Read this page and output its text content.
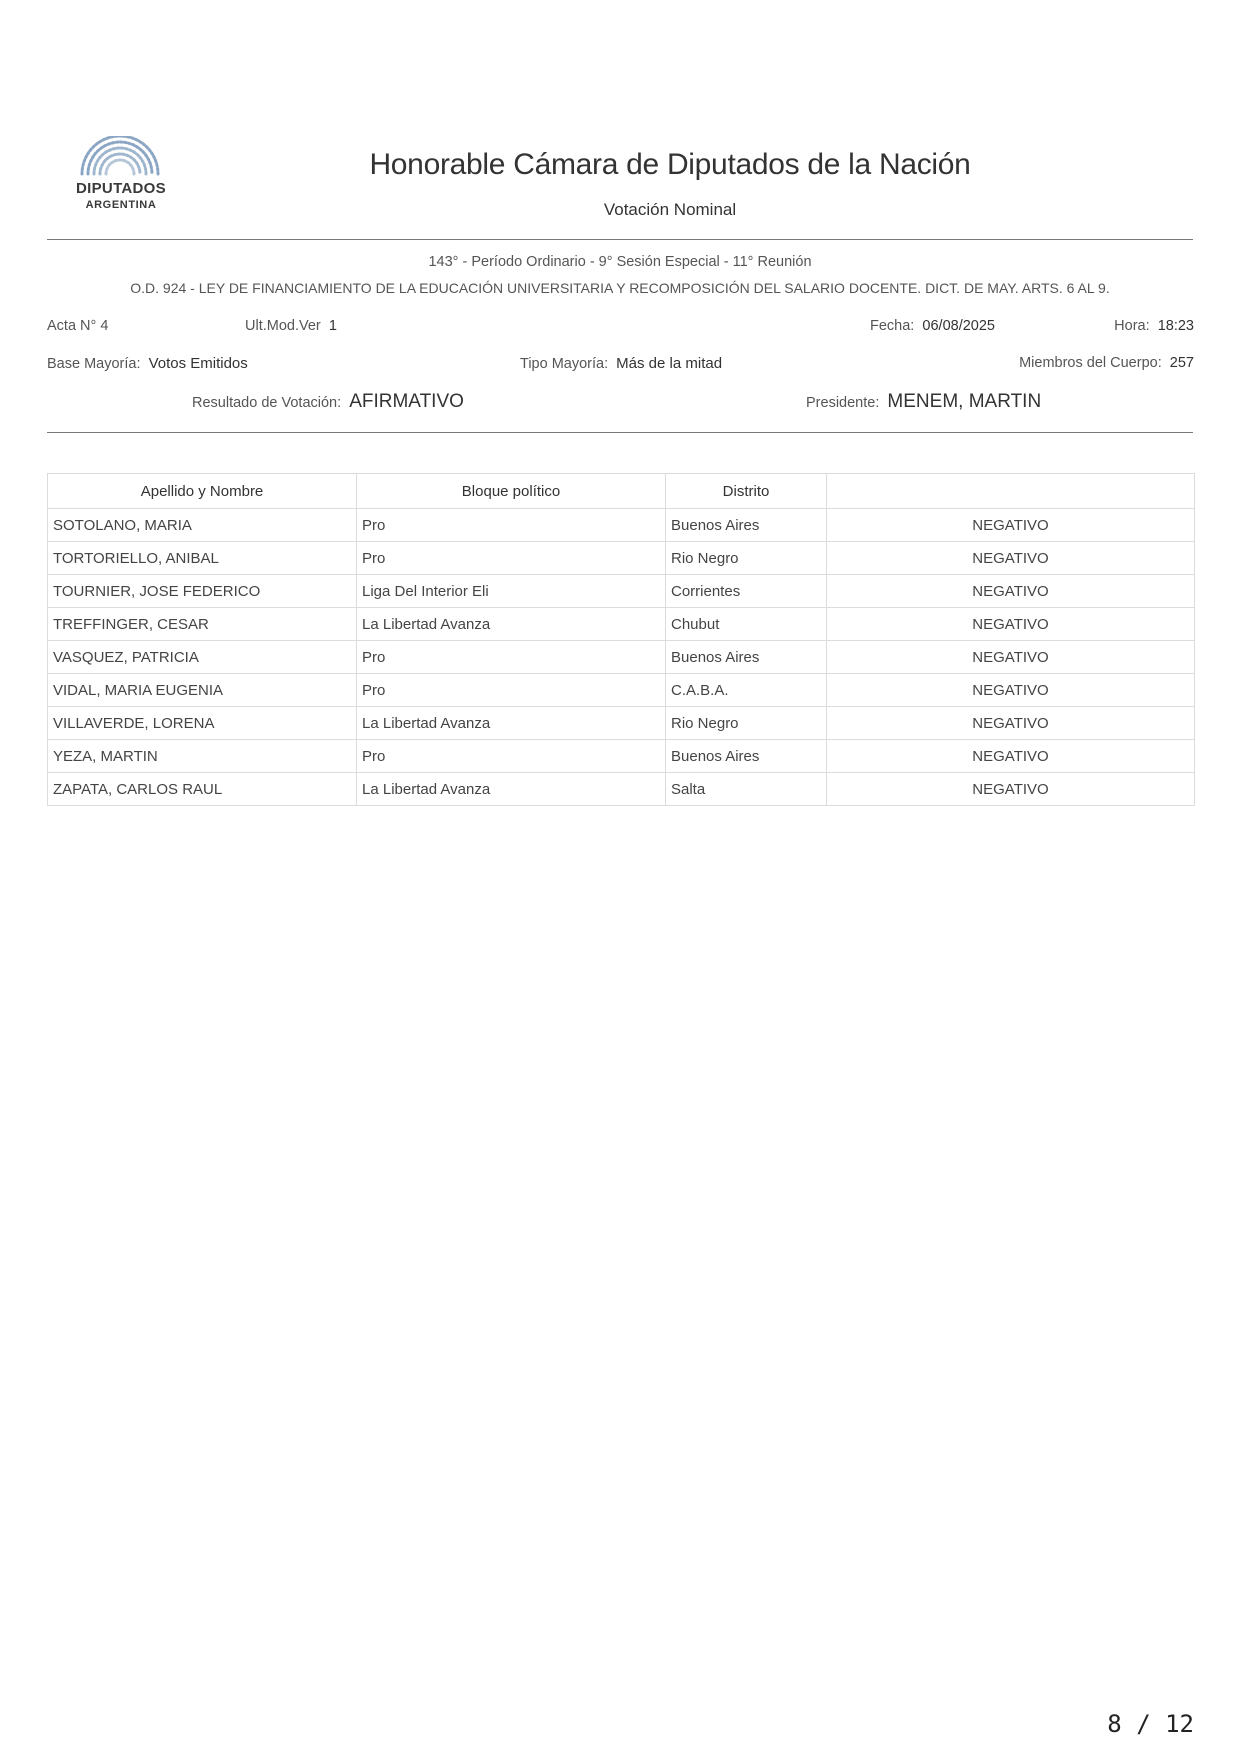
DIPUTADOS
ARGENTINA
Honorable Cámara de Diputados de la Nación
Votación Nominal
143° - Período Ordinario - 9° Sesión Especial - 11° Reunión
O.D. 924 - LEY DE FINANCIAMIENTO DE LA EDUCACIÓN UNIVERSITARIA Y RECOMPOSICIÓN DEL SALARIO DOCENTE. DICT. DE MAY. ARTS. 6 AL 9.
Acta N° 4	Ult.Mod.Ver 1	Fecha: 06/08/2025	Hora: 18:23
Base Mayoría: Votos Emitidos	Tipo Mayoría: Más de la mitad	Miembros del Cuerpo: 257
Resultado de Votación: AFIRMATIVO	Presidente: MENEM, MARTIN
Apellido y Nombre	Bloque político	Distrito	
SOTOLANO, MARIA	Pro	Buenos Aires	NEGATIVO
TORTORIELLO, ANIBAL	Pro	Rio Negro	NEGATIVO
TOURNIER, JOSE FEDERICO	Liga Del Interior Eli	Corrientes	NEGATIVO
TREFFINGER, CESAR	La Libertad Avanza	Chubut	NEGATIVO
VASQUEZ, PATRICIA	Pro	Buenos Aires	NEGATIVO
VIDAL, MARIA EUGENIA	Pro	C.A.B.A.	NEGATIVO
VILLAVERDE, LORENA	La Libertad Avanza	Rio Negro	NEGATIVO
YEZA, MARTIN	Pro	Buenos Aires	NEGATIVO
ZAPATA, CARLOS RAUL	La Libertad Avanza	Salta	NEGATIVO
8 / 12
